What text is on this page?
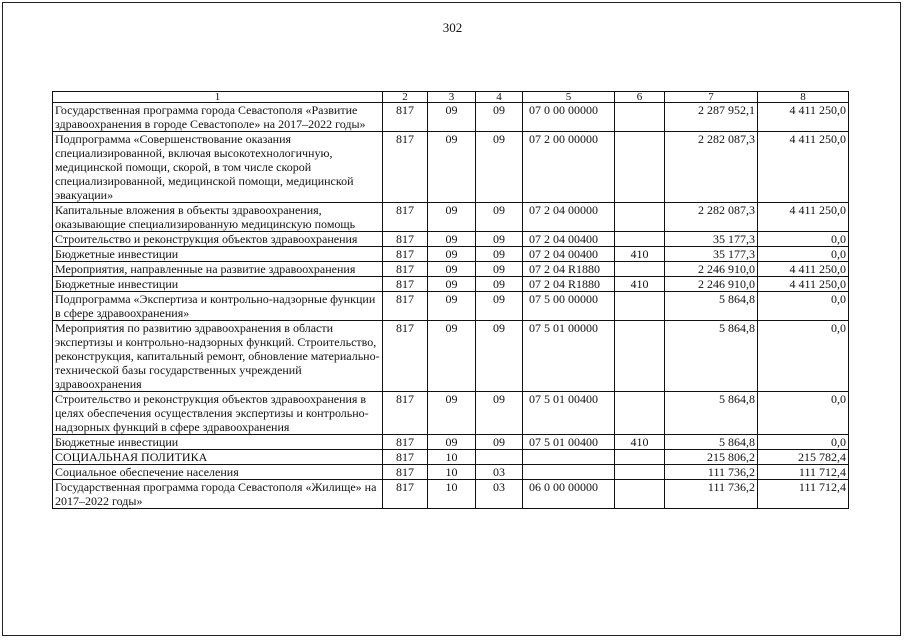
302
1	2	3	4	5	6	7	8
Государственная программа города Севастополя «Развитие здравоохранения в городе Севастополе» на 2017–2022 годы»	817	09	09	07 0 00 00000		2 287 952,1	4 411 250,0
Подпрограмма «Совершенствование оказания специализированной, включая высокотехнологичную, медицинской помощи, скорой, в том числе скорой специализированной, медицинской помощи, медицинской эвакуации»	817	09	09	07 2 00 00000		2 282 087,3	4 411 250,0
Капитальные вложения в объекты здравоохранения, оказывающие специализированную медицинскую помощь	817	09	09	07 2 04 00000		2 282 087,3	4 411 250,0
Строительство и реконструкция объектов здравоохранения	817	09	09	07 2 04 00400		35 177,3	0,0
Бюджетные инвестиции	817	09	09	07 2 04 00400	410	35 177,3	0,0
Мероприятия, направленные на развитие здравоохранения	817	09	09	07 2 04 R1880		2 246 910,0	4 411 250,0
Бюджетные инвестиции	817	09	09	07 2 04 R1880	410	2 246 910,0	4 411 250,0
Подпрограмма «Экспертиза и контрольно-надзорные функции в сфере здравоохранения»	817	09	09	07 5 00 00000		5 864,8	0,0
Мероприятия по развитию здравоохранения в области экспертизы и контрольно-надзорных функций. Строительство, реконструкция, капитальный ремонт, обновление материально-технической базы государственных учреждений здравоохранения	817	09	09	07 5 01 00000		5 864,8	0,0
Строительство и реконструкция объектов здравоохранения в целях обеспечения осуществления экспертизы и контрольно-надзорных функций в сфере здравоохранения	817	09	09	07 5 01 00400		5 864,8	0,0
Бюджетные инвестиции	817	09	09	07 5 01 00400	410	5 864,8	0,0
СОЦИАЛЬНАЯ ПОЛИТИКА	817	10				215 806,2	215 782,4
Социальное обеспечение населения	817	10	03			111 736,2	111 712,4
Государственная программа города Севастополя «Жилище» на 2017–2022 годы»	817	10	03	06 0 00 00000		111 736,2	111 712,4
